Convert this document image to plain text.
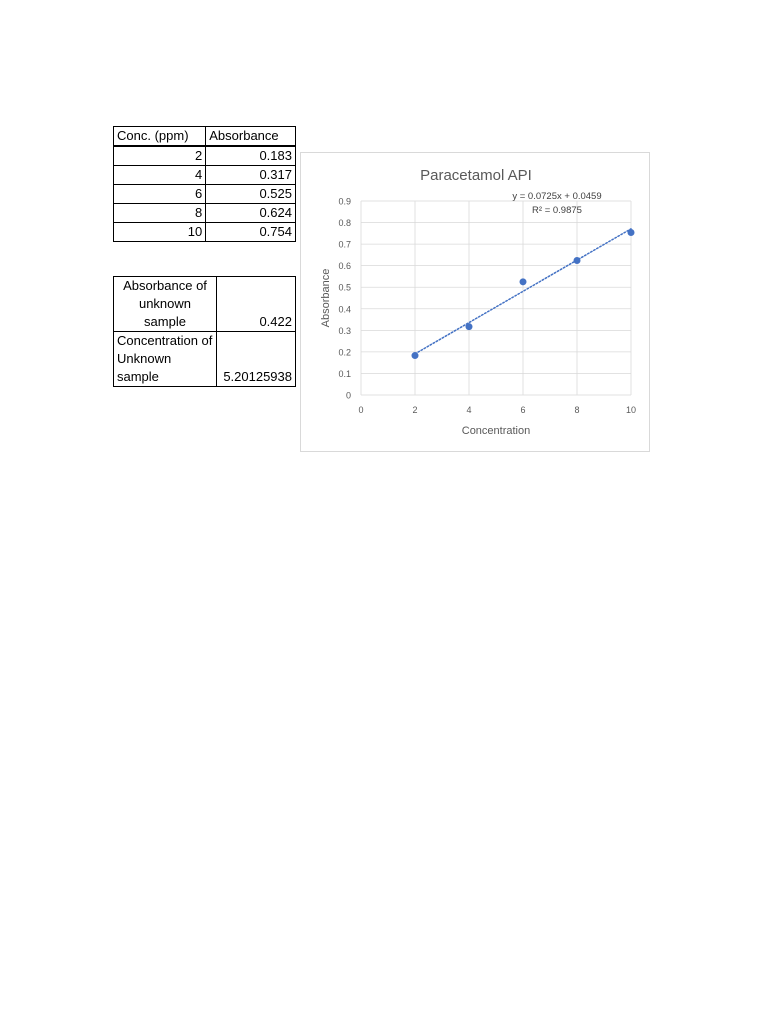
Conc. (ppm)	Absorbance
2	0.183
4	0.317
6	0.525
8	0.624
10	0.754
Absorbance of unknown sample	0.422
Concentration of Unknown sample	5.20125938
0
0.1
0.2
0.3
0.4
0.5
0.6
0.7
0.8
0.9
0	2	4	6	8	10
Paracetamol API
y = 0.0725x + 0.0459
R² = 0.9875
Concentration
Absorbance
